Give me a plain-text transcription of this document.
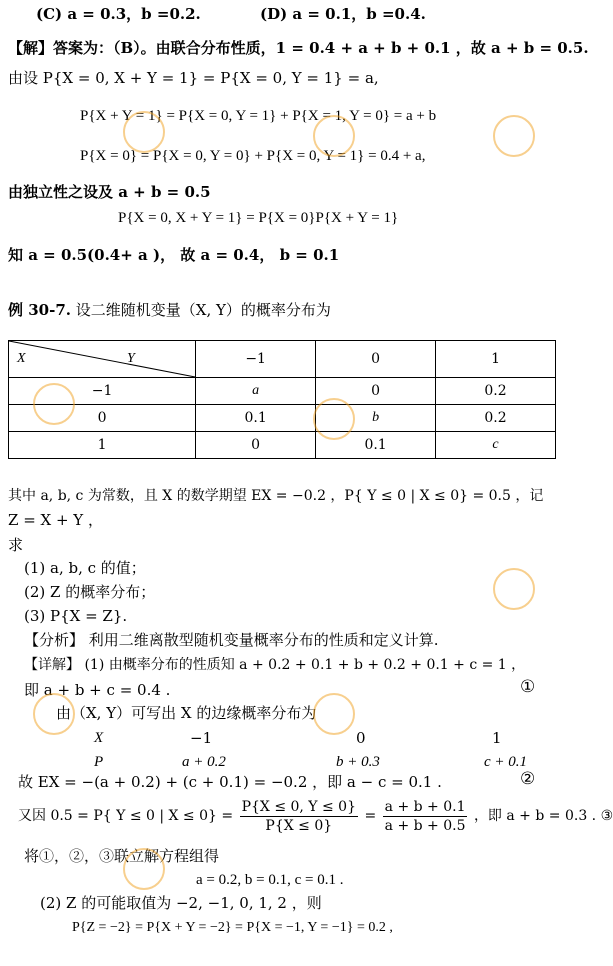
(C) a = 0.3，b =0.2.	(D) a = 0.1，b =0.4.
【解】答案为：（B）。由联合分布性质，1 = 0.4 + a + b + 0.1 ，故 a + b = 0.5.
由设 P{X = 0, X + Y = 1} = P{X = 0, Y = 1} = a,
P{X + Y = 1} = P{X = 0, Y = 1} + P{X = 1, Y = 0} = a + b
P{X = 0} = P{X = 0, Y = 0} + P{X = 0, Y = 1} = 0.4 + a,
由独立性之设及 a + b = 0.5
P{X = 0, X + Y = 1} = P{X = 0}P{X + Y = 1}
知 a = 0.5(0.4+ a )， 故 a = 0.4， b = 0.1
例 30-7. 设二维随机变量（X, Y）的概率分布为
X Y	−1	0	1
−1	a	0	0.2
0	0.1	b	0.2
1	0	0.1	c
其中 a, b, c 为常数，且 X 的数学期望 EX = −0.2 ，P{ Y ≤ 0 | X ≤ 0} = 0.5 ，记
Z = X + Y ，
求
(1) a, b, c 的值；
(2) Z 的概率分布；
(3) P{X = Z}.
【分析】 利用二维离散型随机变量概率分布的性质和定义计算.
【详解】 (1) 由概率分布的性质知 a + 0.2 + 0.1 + b + 0.2 + 0.1 + c = 1 ，
即 a + b + c = 0.4 .	①
由（X, Y）可写出 X 的边缘概率分布为
X	−1	0	1
P	a + 0.2	b + 0.3	c + 0.1
故 EX = −(a + 0.2) + (c + 0.1) = −0.2 ，即 a − c = 0.1 .	②
又因 0.5 = P{ Y ≤ 0 | $X \le 0\} = \frac{P\{X \le 0, Y \le 0\}}{P\{X \le 0\}} = \frac{a + b + 0.1}{a + b + 0.5}$ ，即 a + b = 0.3 . ③
将①，②，③联立解方程组得
a = 0.2, b = 0.1, c = 0.1 .
(2) Z 的可能取值为 −2, −1, 0, 1, 2 ，则
P{Z = −2} = P{X + Y = −2} = P{X = −1, Y = −1} = 0.2 ,
